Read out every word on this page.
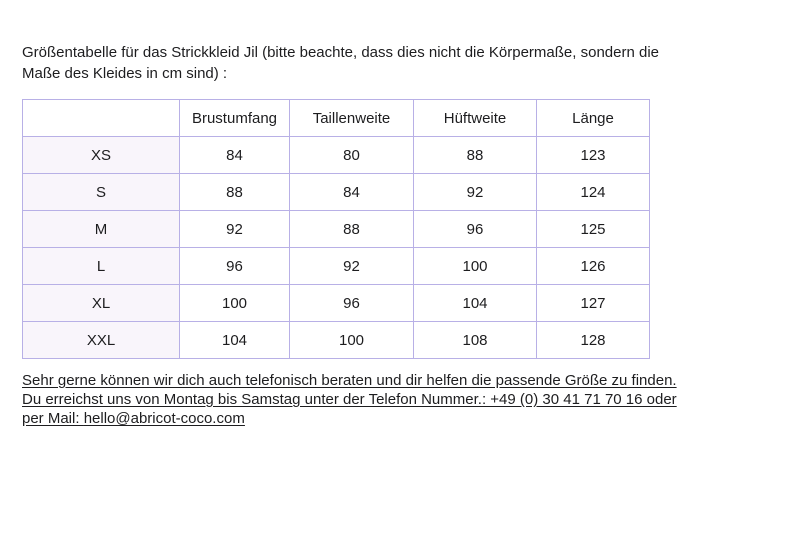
Größentabelle für das Strickkleid Jil (bitte beachte, dass dies nicht die Körpermaße, sondern die
Maße des Kleides in cm sind) :

	Brustumfang	Taillenweite	Hüftweite	Länge
XS	84	80	88	123
S	88	84	92	124
M	92	88	96	125
L	96	92	100	126
XL	100	96	104	127
XXL	104	100	108	128

Sehr gerne können wir dich auch telefonisch beraten und dir helfen die passende Größe zu finden.
Du erreichst uns von Montag bis Samstag unter der Telefon Nummer.: +49 (0) 30 41 71 70 16 oder
per Mail: hello@abricot-coco.com
